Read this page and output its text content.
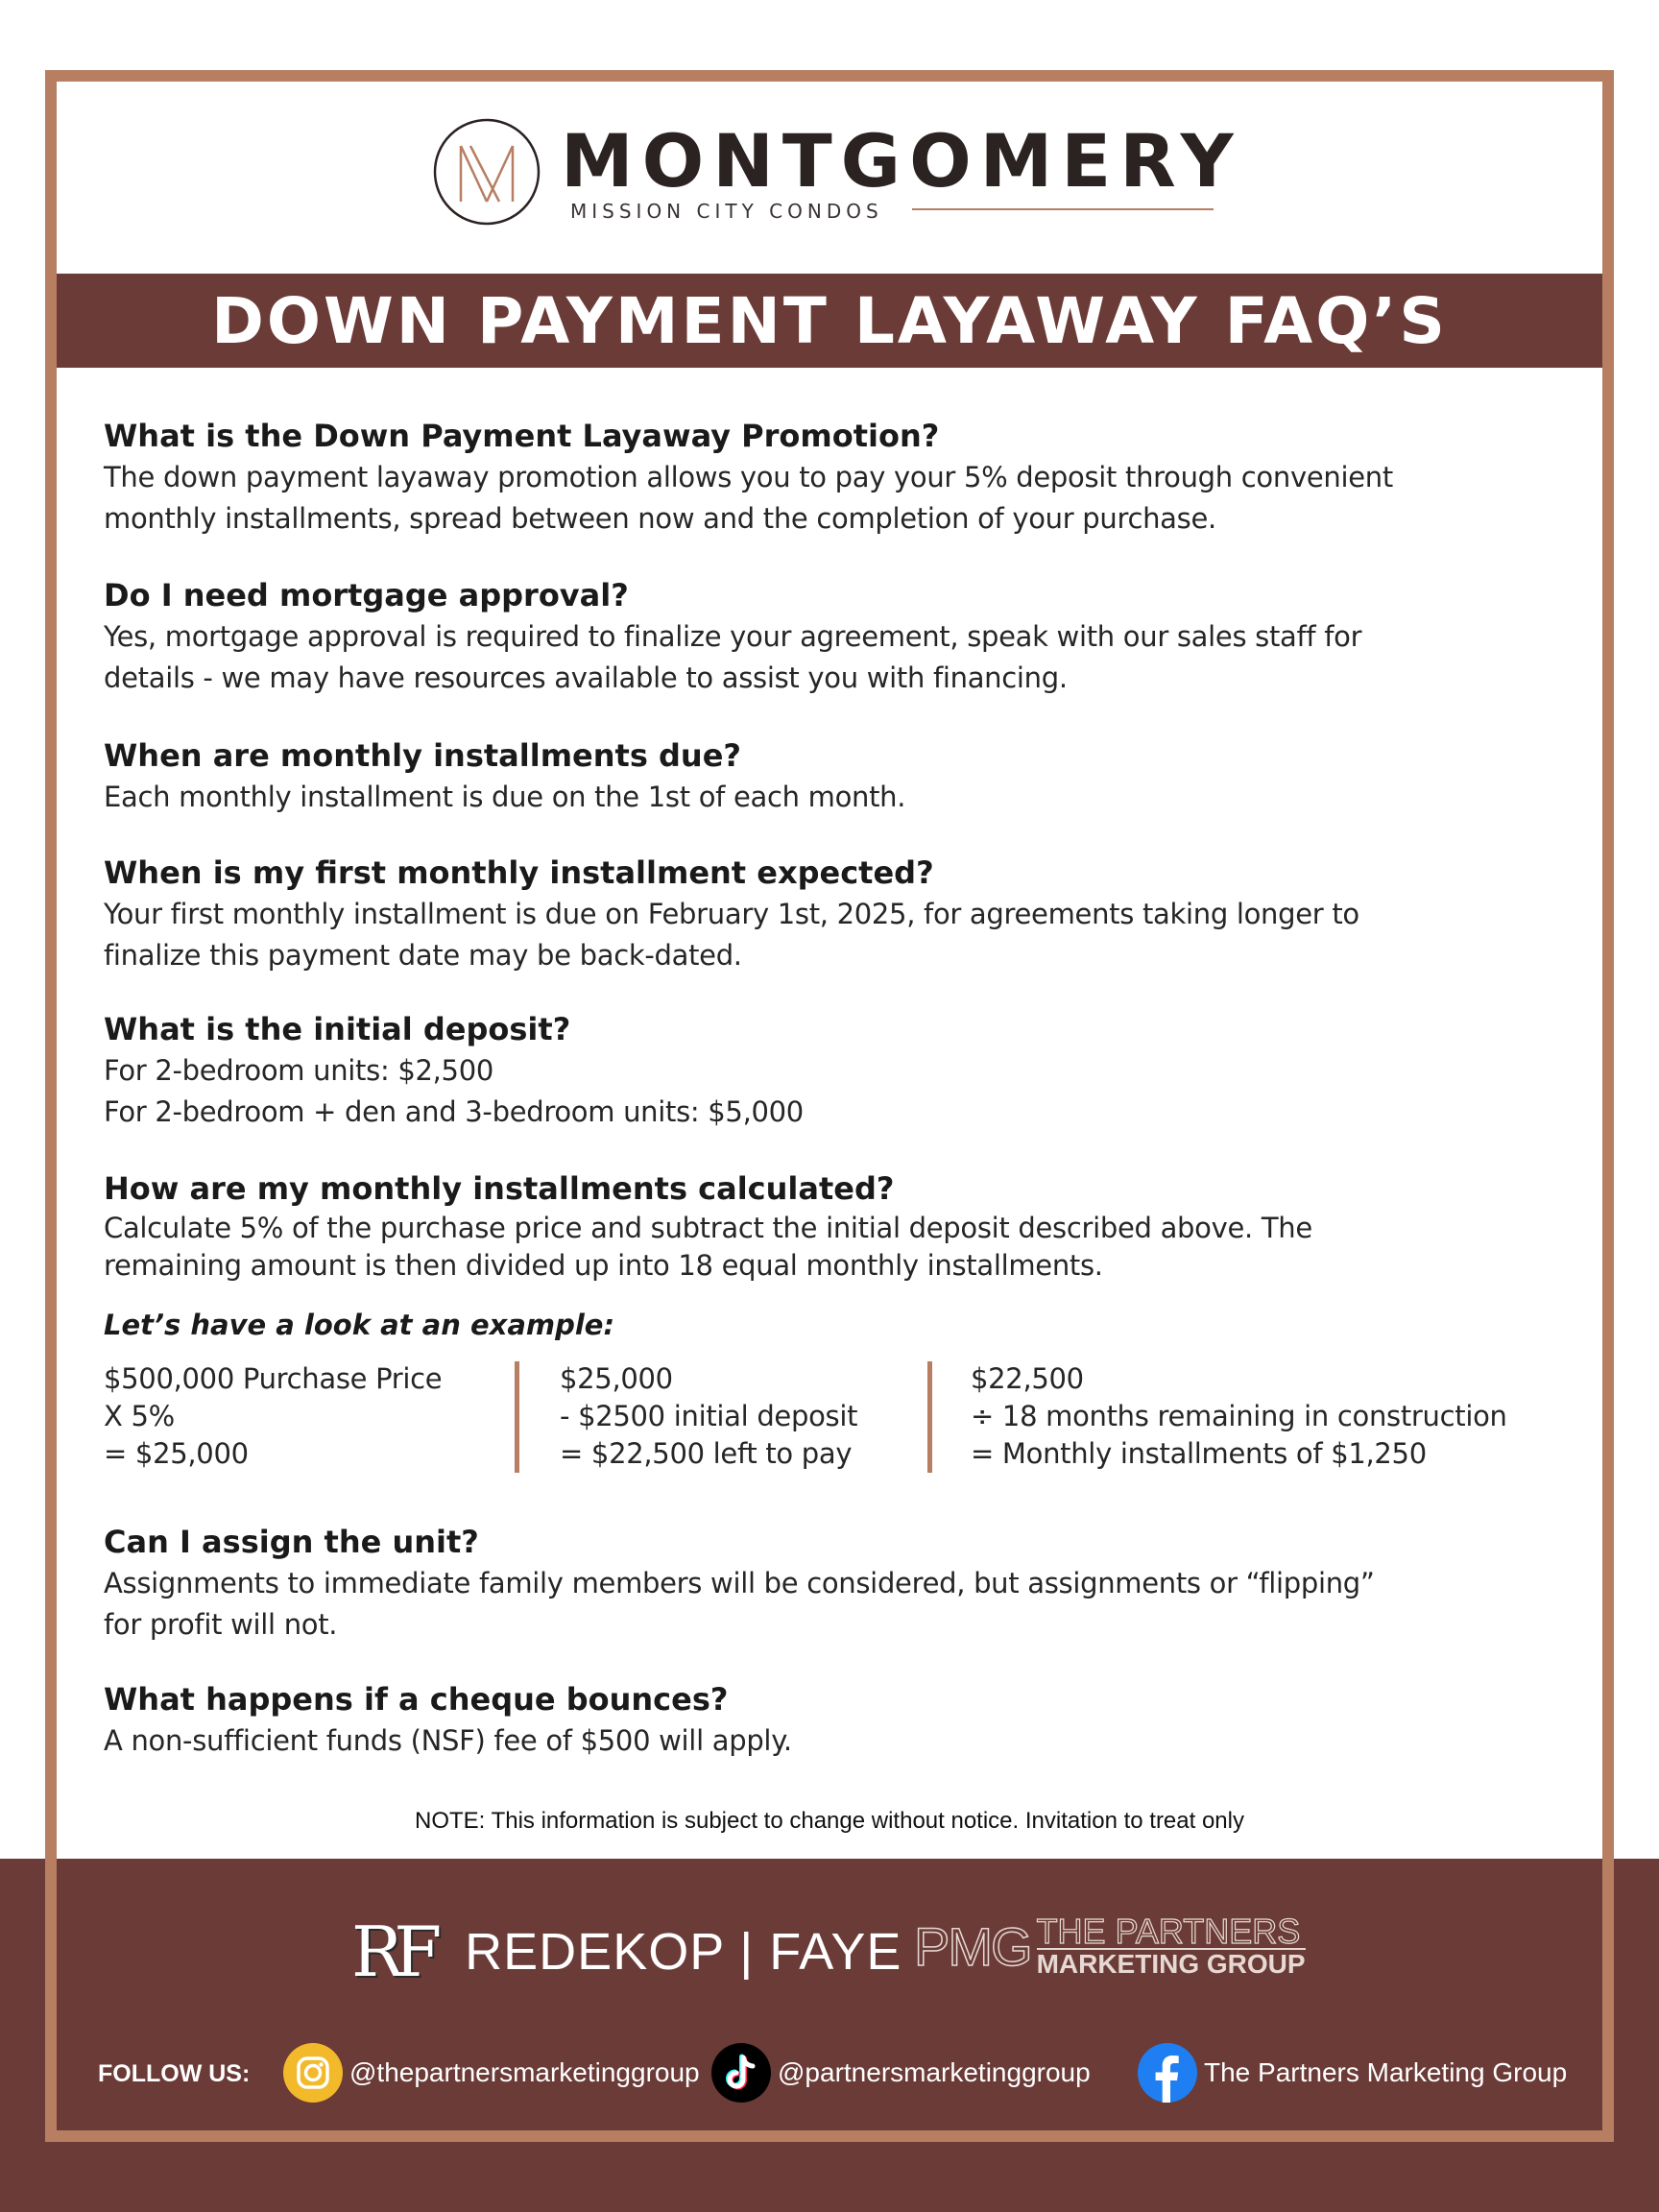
MONTGOMERY
MISSION CITY CONDOS
DOWN PAYMENT LAYAWAY FAQ’S

What is the Down Payment Layaway Promotion?

The down payment layaway promotion allows you to pay your 5% deposit through convenient

monthly installments, spread between now and the completion of your purchase.

Do I need mortgage approval?

Yes, mortgage approval is required to finalize your agreement, speak with our sales staff for

details - we may have resources available to assist you with financing.

When are monthly installments due?

Each monthly installment is due on the 1st of each month.

When is my first monthly installment expected?

Your first monthly installment is due on February 1st, 2025, for agreements taking longer to

finalize this payment date may be back-dated.

What is the initial deposit?

For 2-bedroom units: $2,500

For 2-bedroom + den and 3-bedroom units: $5,000

How are my monthly installments calculated?

Calculate 5% of the purchase price and subtract the initial deposit described above. The

remaining amount is then divided up into 18 equal monthly installments.

Let’s have a look at an example:
$500,000 Purchase Price
X 5%
= $25,000
$25,000
- $2500 initial deposit
= $22,500 left to pay
$22,500
÷ 18 months remaining in construction
= Monthly installments of $1,250

Can I assign the unit?

Assignments to immediate family members will be considered, but assignments or “flipping”

for profit will not.

What happens if a cheque bounces?

A non-sufficient funds (NSF) fee of $500 will apply.

NOTE: This information is subject to change without notice. Invitation to treat only
RF REDEKOP | FAYE PMG THE PARTNERS
MARKETING GROUP
FOLLOW US:	@thepartnersmarketinggroup	@partnersmarketinggroup	The Partners Marketing Group
